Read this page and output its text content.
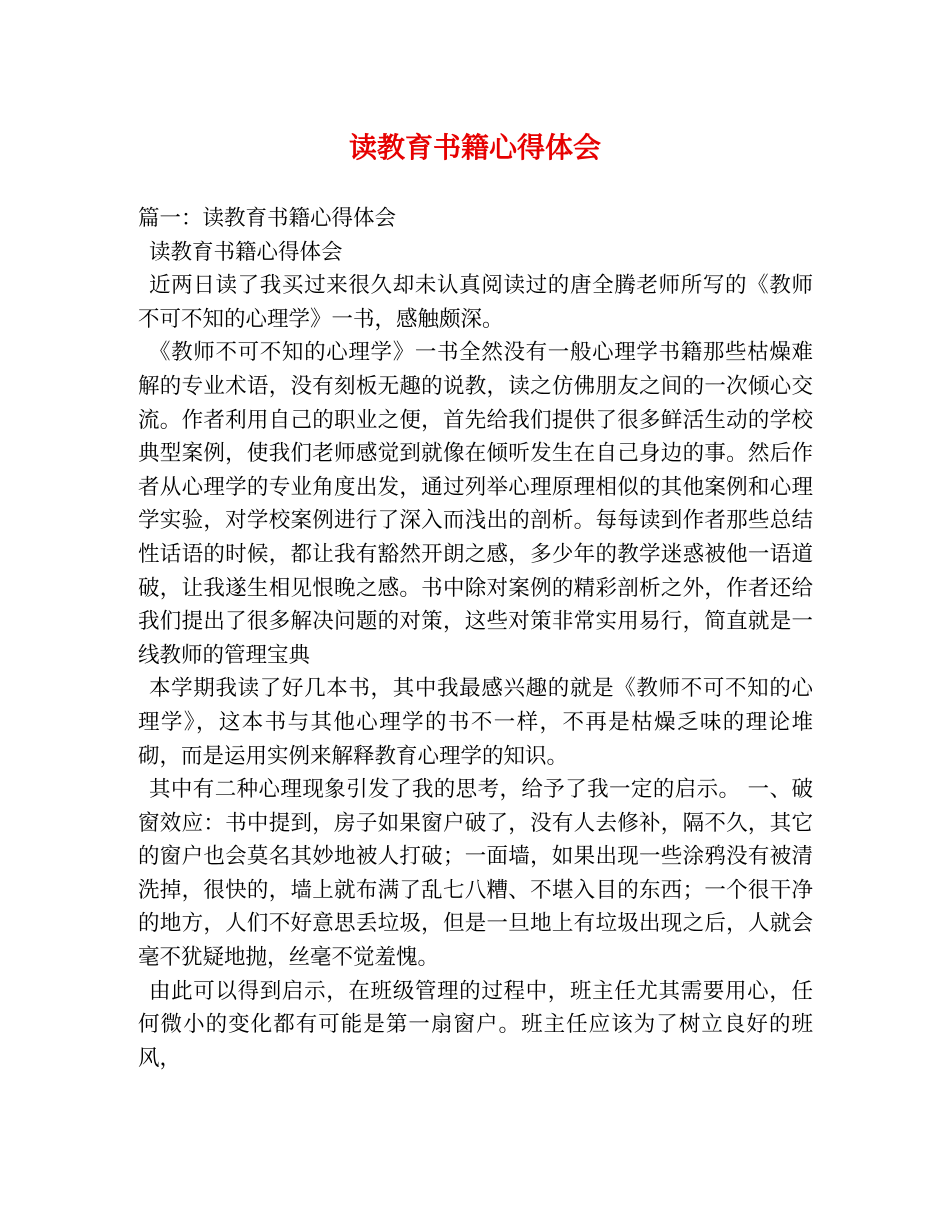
读教育书籍心得体会

篇一：读教育书籍心得体会

读教育书籍心得体会

近两日读了我买过来很久却未认真阅读过的唐全腾老师所写的《教师不可不知的心理学》一书，感触颇深。

《教师不可不知的心理学》一书全然没有一般心理学书籍那些枯燥难解的专业术语，没有刻板无趣的说教，读之仿佛朋友之间的一次倾心交流。作者利用自己的职业之便，首先给我们提供了很多鲜活生动的学校典型案例，使我们老师感觉到就像在倾听发生在自己身边的事。然后作者从心理学的专业角度出发，通过列举心理原理相似的其他案例和心理学实验，对学校案例进行了深入而浅出的剖析。每每读到作者那些总结性话语的时候，都让我有豁然开朗之感，多少年的教学迷惑被他一语道破，让我遂生相见恨晚之感。书中除对案例的精彩剖析之外，作者还给我们提出了很多解决问题的对策，这些对策非常实用易行，简直就是一线教师的管理宝典

本学期我读了好几本书，其中我最感兴趣的就是《教师不可不知的心理学》，这本书与其他心理学的书不一样，不再是枯燥乏味的理论堆砌，而是运用实例来解释教育心理学的知识。

其中有二种心理现象引发了我的思考，给予了我一定的启示。 一、破窗效应：书中提到，房子如果窗户破了，没有人去修补，隔不久，其它的窗户也会莫名其妙地被人打破；一面墙，如果出现一些涂鸦没有被清洗掉，很快的，墙上就布满了乱七八糟、不堪入目的东西；一个很干净的地方，人们不好意思丢垃圾，但是一旦地上有垃圾出现之后，人就会毫不犹疑地抛，丝毫不觉羞愧。

由此可以得到启示，在班级管理的过程中，班主任尤其需要用心，任何微小的变化都有可能是第一扇窗户。班主任应该为了树立良好的班风，
